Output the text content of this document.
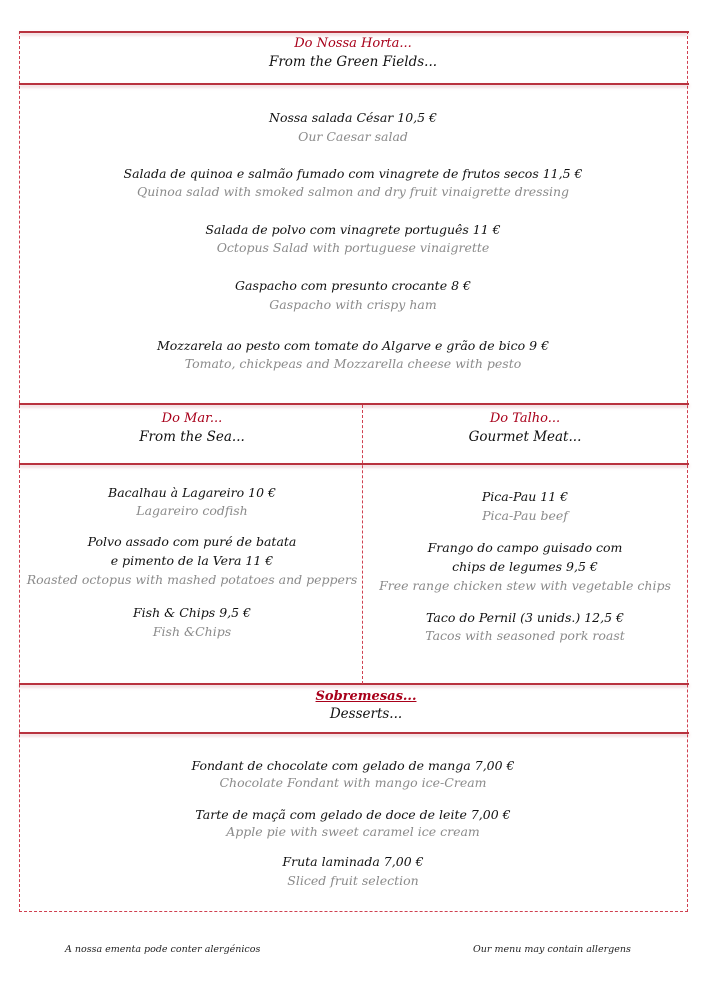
Do Nossa Horta...
From the Green Fields...
Nossa salada César 10,5 €
Our Caesar salad
Salada de quinoa e salmão fumado com vinagrete de frutos secos 11,5 €
Quinoa salad with smoked salmon and dry fruit vinaigrette dressing
Salada de polvo com vinagrete português 11 €
Octopus Salad with portuguese vinaigrette
Gaspacho com presunto crocante 8 €
Gaspacho with crispy ham
Mozzarela ao pesto com tomate do Algarve e grão de bico 9 €
Tomato, chickpeas and Mozzarella cheese with pesto
Do Mar...
From the Sea...
Do Talho...
Gourmet Meat...
Bacalhau à Lagareiro 10 €
Lagareiro codfish
Polvo assado com puré de batata
e pimento de la Vera 11 €
Roasted octopus with mashed potatoes and peppers
Fish & Chips 9,5 €
Fish &Chips
Pica-Pau 11 €
Pica-Pau beef
Frango do campo guisado com
chips de legumes 9,5 €
Free range chicken stew with vegetable chips
Taco do Pernil (3 unids.) 12,5 €
Tacos with seasoned pork roast
Sobremesas...
Desserts...
Fondant de chocolate com gelado de manga 7,00 €
Chocolate Fondant with mango ice-Cream
Tarte de maçã com gelado de doce de leite 7,00 €
Apple pie with sweet caramel ice cream
Fruta laminada 7,00 €
Sliced fruit selection
A nossa ementa pode conter alergénicos	Our menu may contain allergens
